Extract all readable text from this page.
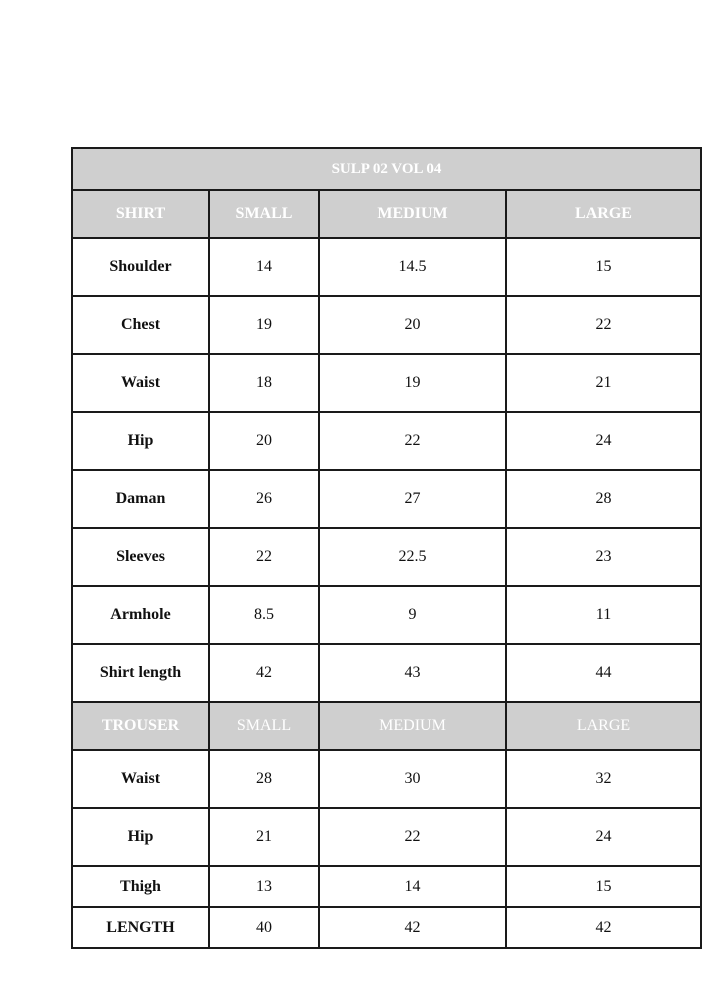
SULP 02 VOL 04			
SHIRT	SMALL	MEDIUM	LARGE
Shoulder	14	14.5	15
Chest	19	20	22
Waist	18	19	21
Hip	20	22	24
Daman	26	27	28
Sleeves	22	22.5	23
Armhole	8.5	9	11
Shirt length	42	43	44
TROUSER	SMALL	MEDIUM	LARGE
Waist	28	30	32
Hip	21	22	24
Thigh	13	14	15
LENGTH	40	42	42
